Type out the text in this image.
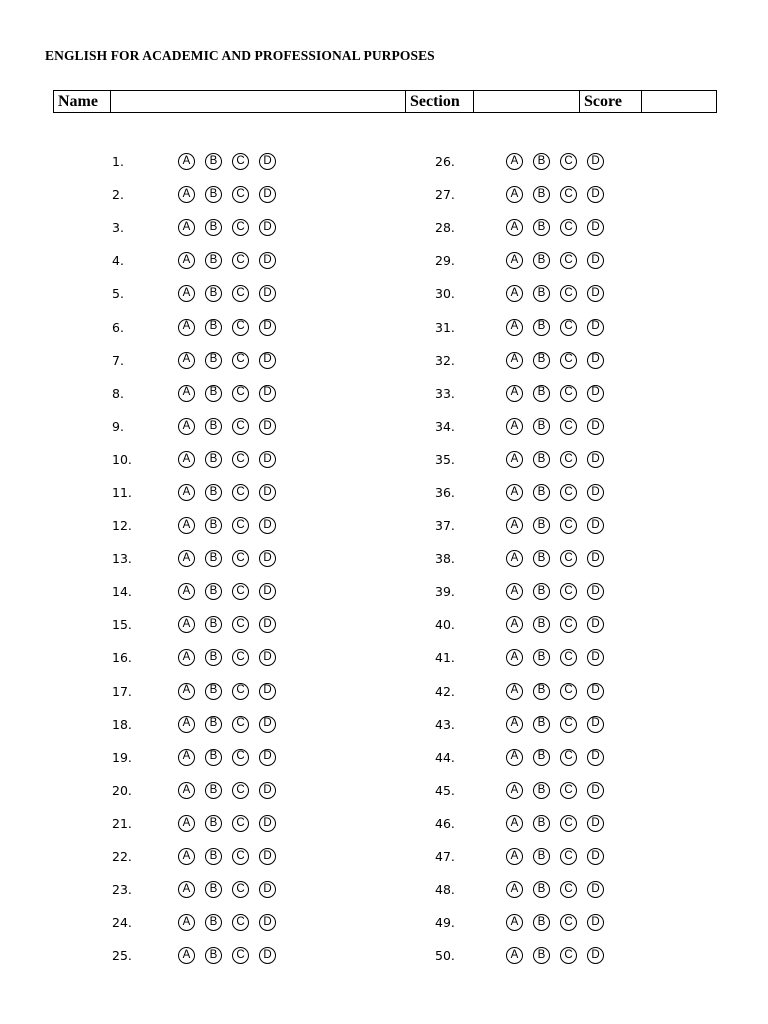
ENGLISH FOR ACADEMIC AND PROFESSIONAL PURPOSES
Name		Section		Score	
1.	A	B	C	D
2.	A	B	C	D
3.	A	B	C	D
4.	A	B	C	D
5.	A	B	C	D
6.	A	B	C	D
7.	A	B	C	D
8.	A	B	C	D
9.	A	B	C	D
10.	A	B	C	D
11.	A	B	C	D
12.	A	B	C	D
13.	A	B	C	D
14.	A	B	C	D
15.	A	B	C	D
16.	A	B	C	D
17.	A	B	C	D
18.	A	B	C	D
19.	A	B	C	D
20.	A	B	C	D
21.	A	B	C	D
22.	A	B	C	D
23.	A	B	C	D
24.	A	B	C	D
25.	A	B	C	D
26.	A	B	C	D
27.	A	B	C	D
28.	A	B	C	D
29.	A	B	C	D
30.	A	B	C	D
31.	A	B	C	D
32.	A	B	C	D
33.	A	B	C	D
34.	A	B	C	D
35.	A	B	C	D
36.	A	B	C	D
37.	A	B	C	D
38.	A	B	C	D
39.	A	B	C	D
40.	A	B	C	D
41.	A	B	C	D
42.	A	B	C	D
43.	A	B	C	D
44.	A	B	C	D
45.	A	B	C	D
46.	A	B	C	D
47.	A	B	C	D
48.	A	B	C	D
49.	A	B	C	D
50.	A	B	C	D
